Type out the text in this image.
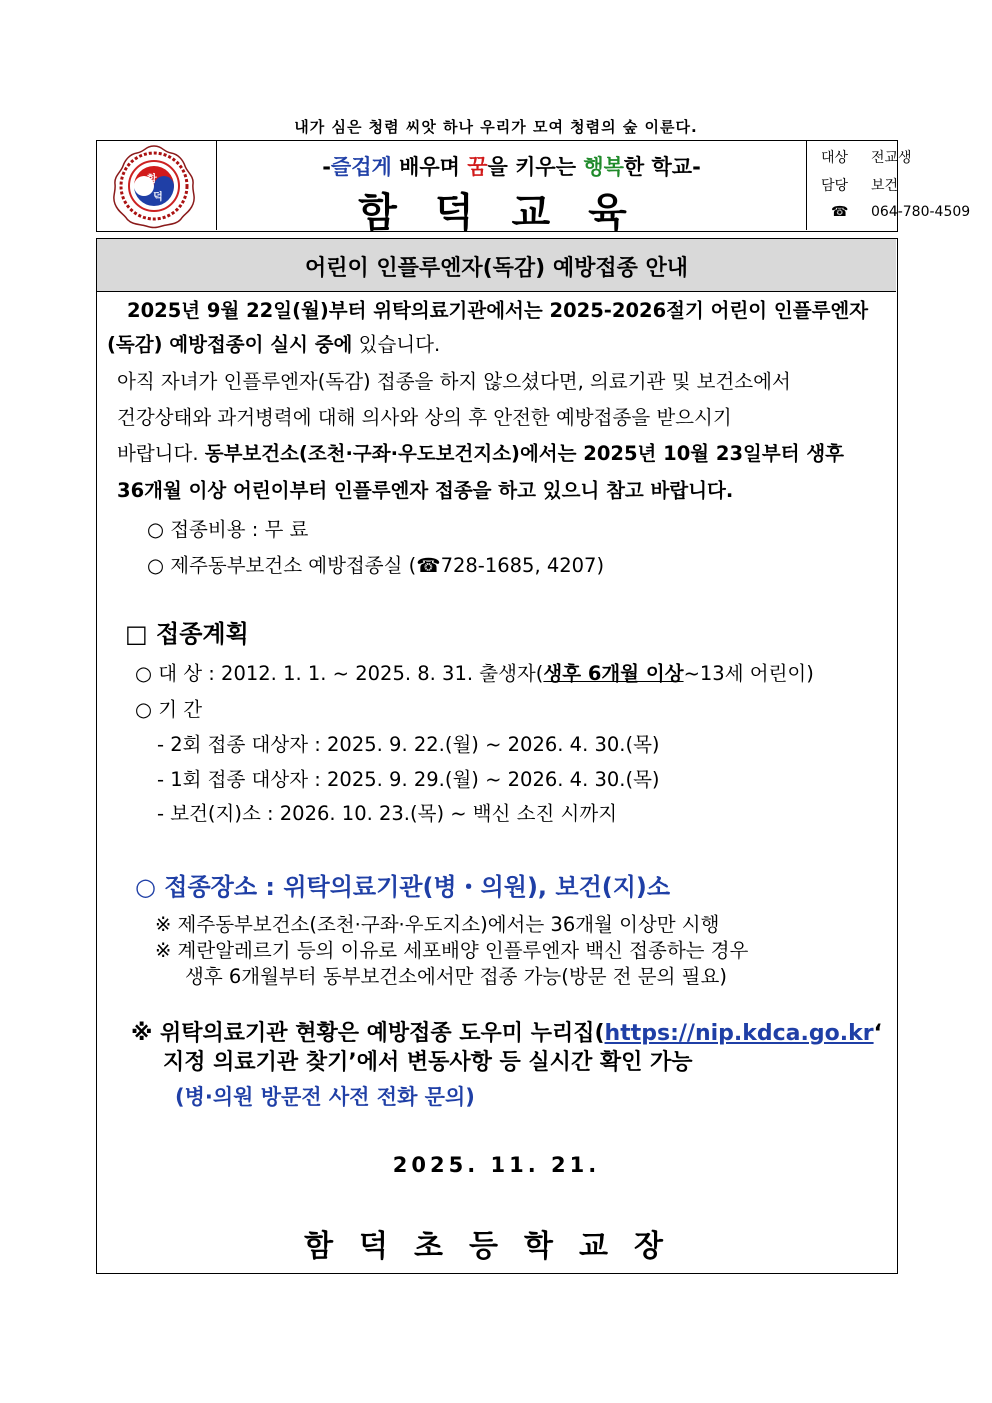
내가 심은 청렴 씨앗 하나 우리가 모여 청렴의 숲 이룬다.
함
덕
-즐겁게 배우며 꿈을 키우는 행복한 학교-
함덕교육
대상 전교생
담당 보건
☎ 064-780-4509
어린이 인플루엔자(독감) 예방접종 안내
2025년 9월 22일(월)부터 위탁의료기관에서는 2025-2026절기 어린이 인플루엔자
(독감) 예방접종이 실시 중에 있습니다.
아직 자녀가 인플루엔자(독감) 접종을 하지 않으셨다면, 의료기관 및 보건소에서
건강상태와 과거병력에 대해 의사와 상의 후 안전한 예방접종을 받으시기
바랍니다. 동부보건소(조천·구좌·우도보건지소)에서는 2025년 10월 23일부터 생후
36개월 이상 어린이부터 인플루엔자 접종을 하고 있으니 참고 바랍니다.
○ 접종비용 : 무 료
○ 제주동부보건소 예방접종실 (☎728-1685, 4207)
□ 접종계획
○ 대 상 : 2012. 1. 1. ~ 2025. 8. 31. 출생자(생후 6개월 이상~13세 어린이)
○ 기 간
- 2회 접종 대상자 : 2025. 9. 22.(월) ~ 2026. 4. 30.(목)
- 1회 접종 대상자 : 2025. 9. 29.(월) ~ 2026. 4. 30.(목)
- 보건(지)소 : 2026. 10. 23.(목) ~ 백신 소진 시까지
○ 접종장소 : 위탁의료기관(병・의원), 보건(지)소
※ 제주동부보건소(조천·구좌·우도지소)에서는 36개월 이상만 시행
※ 계란알레르기 등의 이유로 세포배양 인플루엔자 백신 접종하는 경우
생후 6개월부터 동부보건소에서만 접종 가능(방문 전 문의 필요)
※ 위탁의료기관 현황은 예방접종 도우미 누리집(https://nip.kdca.go.kr‘
지정 의료기관 찾기’에서 변동사항 등 실시간 확인 가능
(병·의원 방문전 사전 전화 문의)
2025. 11. 21.
함덕초등학교장
